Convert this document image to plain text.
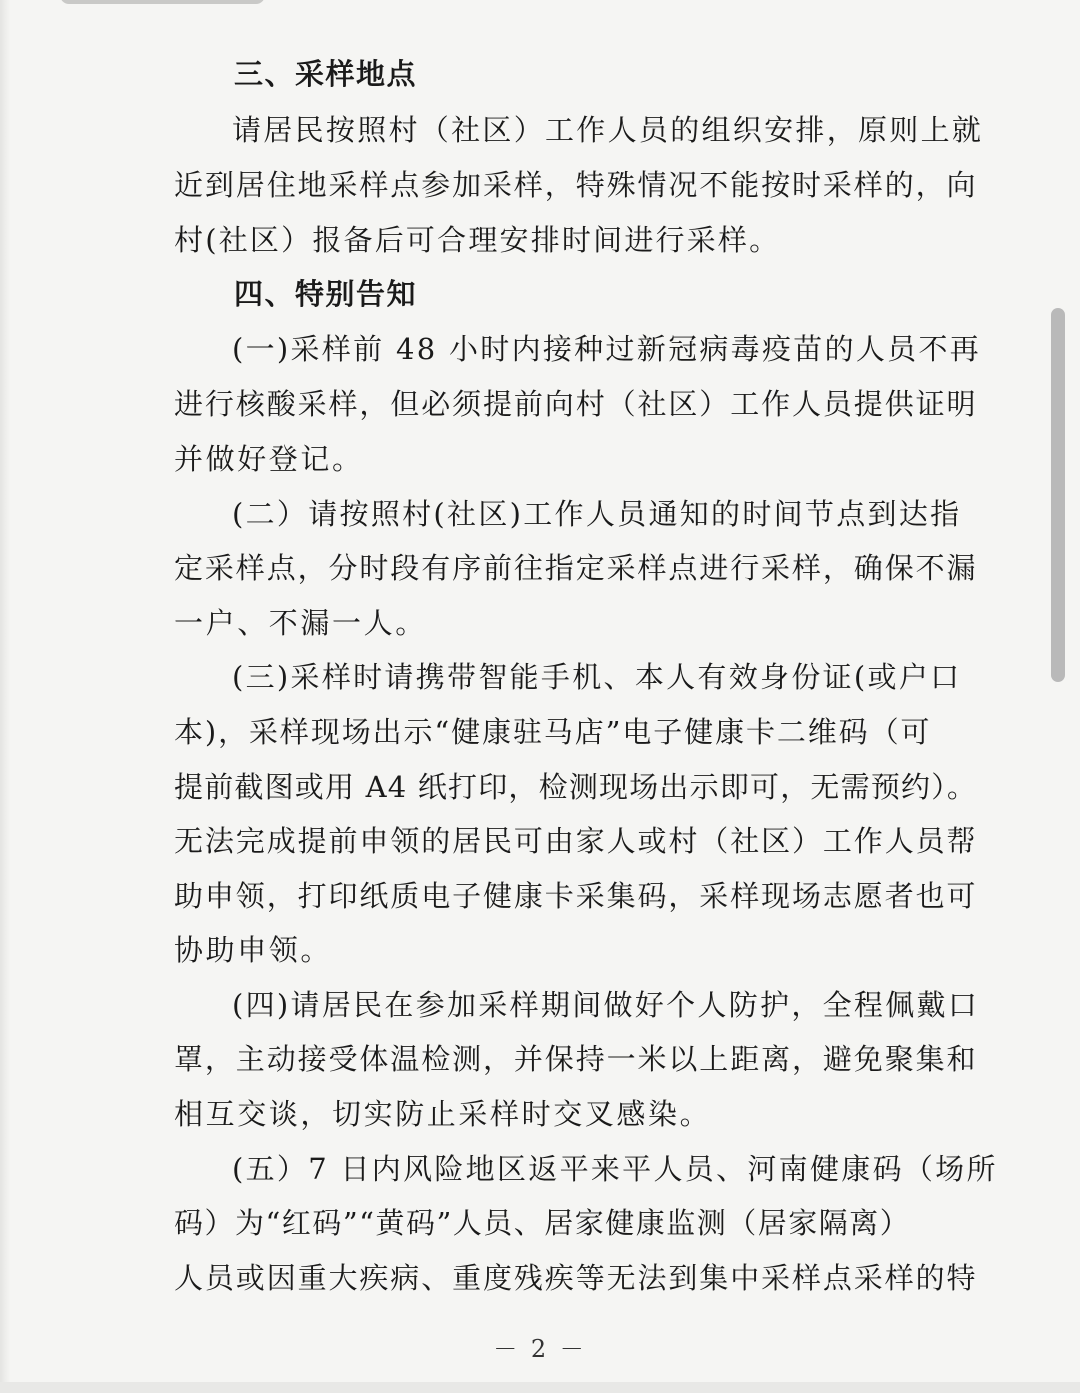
三、采样地点

请居民按照村（社区）工作人员的组织安排，原则上就

近到居住地采样点参加采样，特殊情况不能按时采样的，向

村(社区）报备后可合理安排时间进行采样。

四、特别告知

(一)采样前 48 小时内接种过新冠病毒疫苗的人员不再

进行核酸采样，但必须提前向村（社区）工作人员提供证明

并做好登记。

(二）请按照村(社区)工作人员通知的时间节点到达指

定采样点，分时段有序前往指定采样点进行采样，确保不漏

一户、不漏一人。

(三)采样时请携带智能手机、本人有效身份证(或户口

本)，采样现场出示“健康驻马店”电子健康卡二维码（可

提前截图或用 A4 纸打印，检测现场出示即可，无需预约）。

无法完成提前申领的居民可由家人或村（社区）工作人员帮

助申领，打印纸质电子健康卡采集码，采样现场志愿者也可

协助申领。

(四)请居民在参加采样期间做好个人防护，全程佩戴口

罩，主动接受体温检测，并保持一米以上距离，避免聚集和

相互交谈，切实防止采样时交叉感染。

(五）7 日内风险地区返平来平人员、河南健康码（场所

码）为“红码”“黄码”人员、居家健康监测（居家隔离）

人员或因重大疾病、重度残疾等无法到集中采样点采样的特

－ 2 －
